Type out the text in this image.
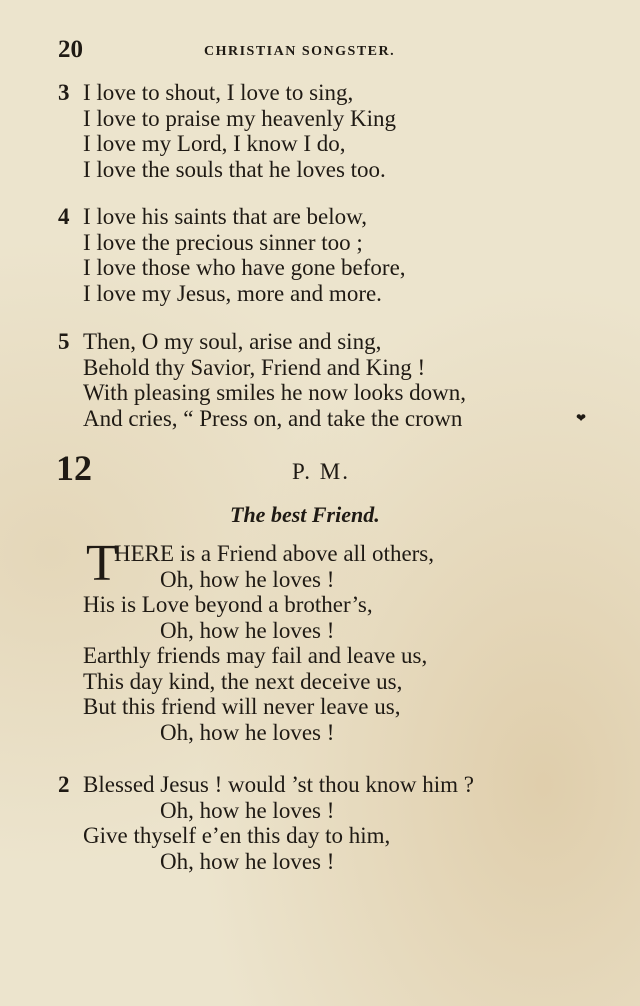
20	CHRISTIAN SONGSTER.
3 I love to shout, I love to sing,
I love to praise my heavenly King
I love my Lord, I know I do,
I love the souls that he loves too.
4 I love his saints that are below,
I love the precious sinner too ;
I love those who have gone before,
I love my Jesus, more and more.
5 Then, O my soul, arise and sing,
Behold thy Savior, Friend and King !
With pleasing smiles he now looks down,
And cries, “ Press on, and take the crown	❤
12	P. M.
The best Friend.
T
HERE is a Friend above all others,
Oh, how he loves !
His is Love beyond a brother’s,
Oh, how he loves !
Earthly friends may fail and leave us,
This day kind, the next deceive us,
But this friend will never leave us,
Oh, how he loves !
2 Blessed Jesus ! would ’st thou know him ?
Oh, how he loves !
Give thyself e’en this day to him,
Oh, how he loves !
